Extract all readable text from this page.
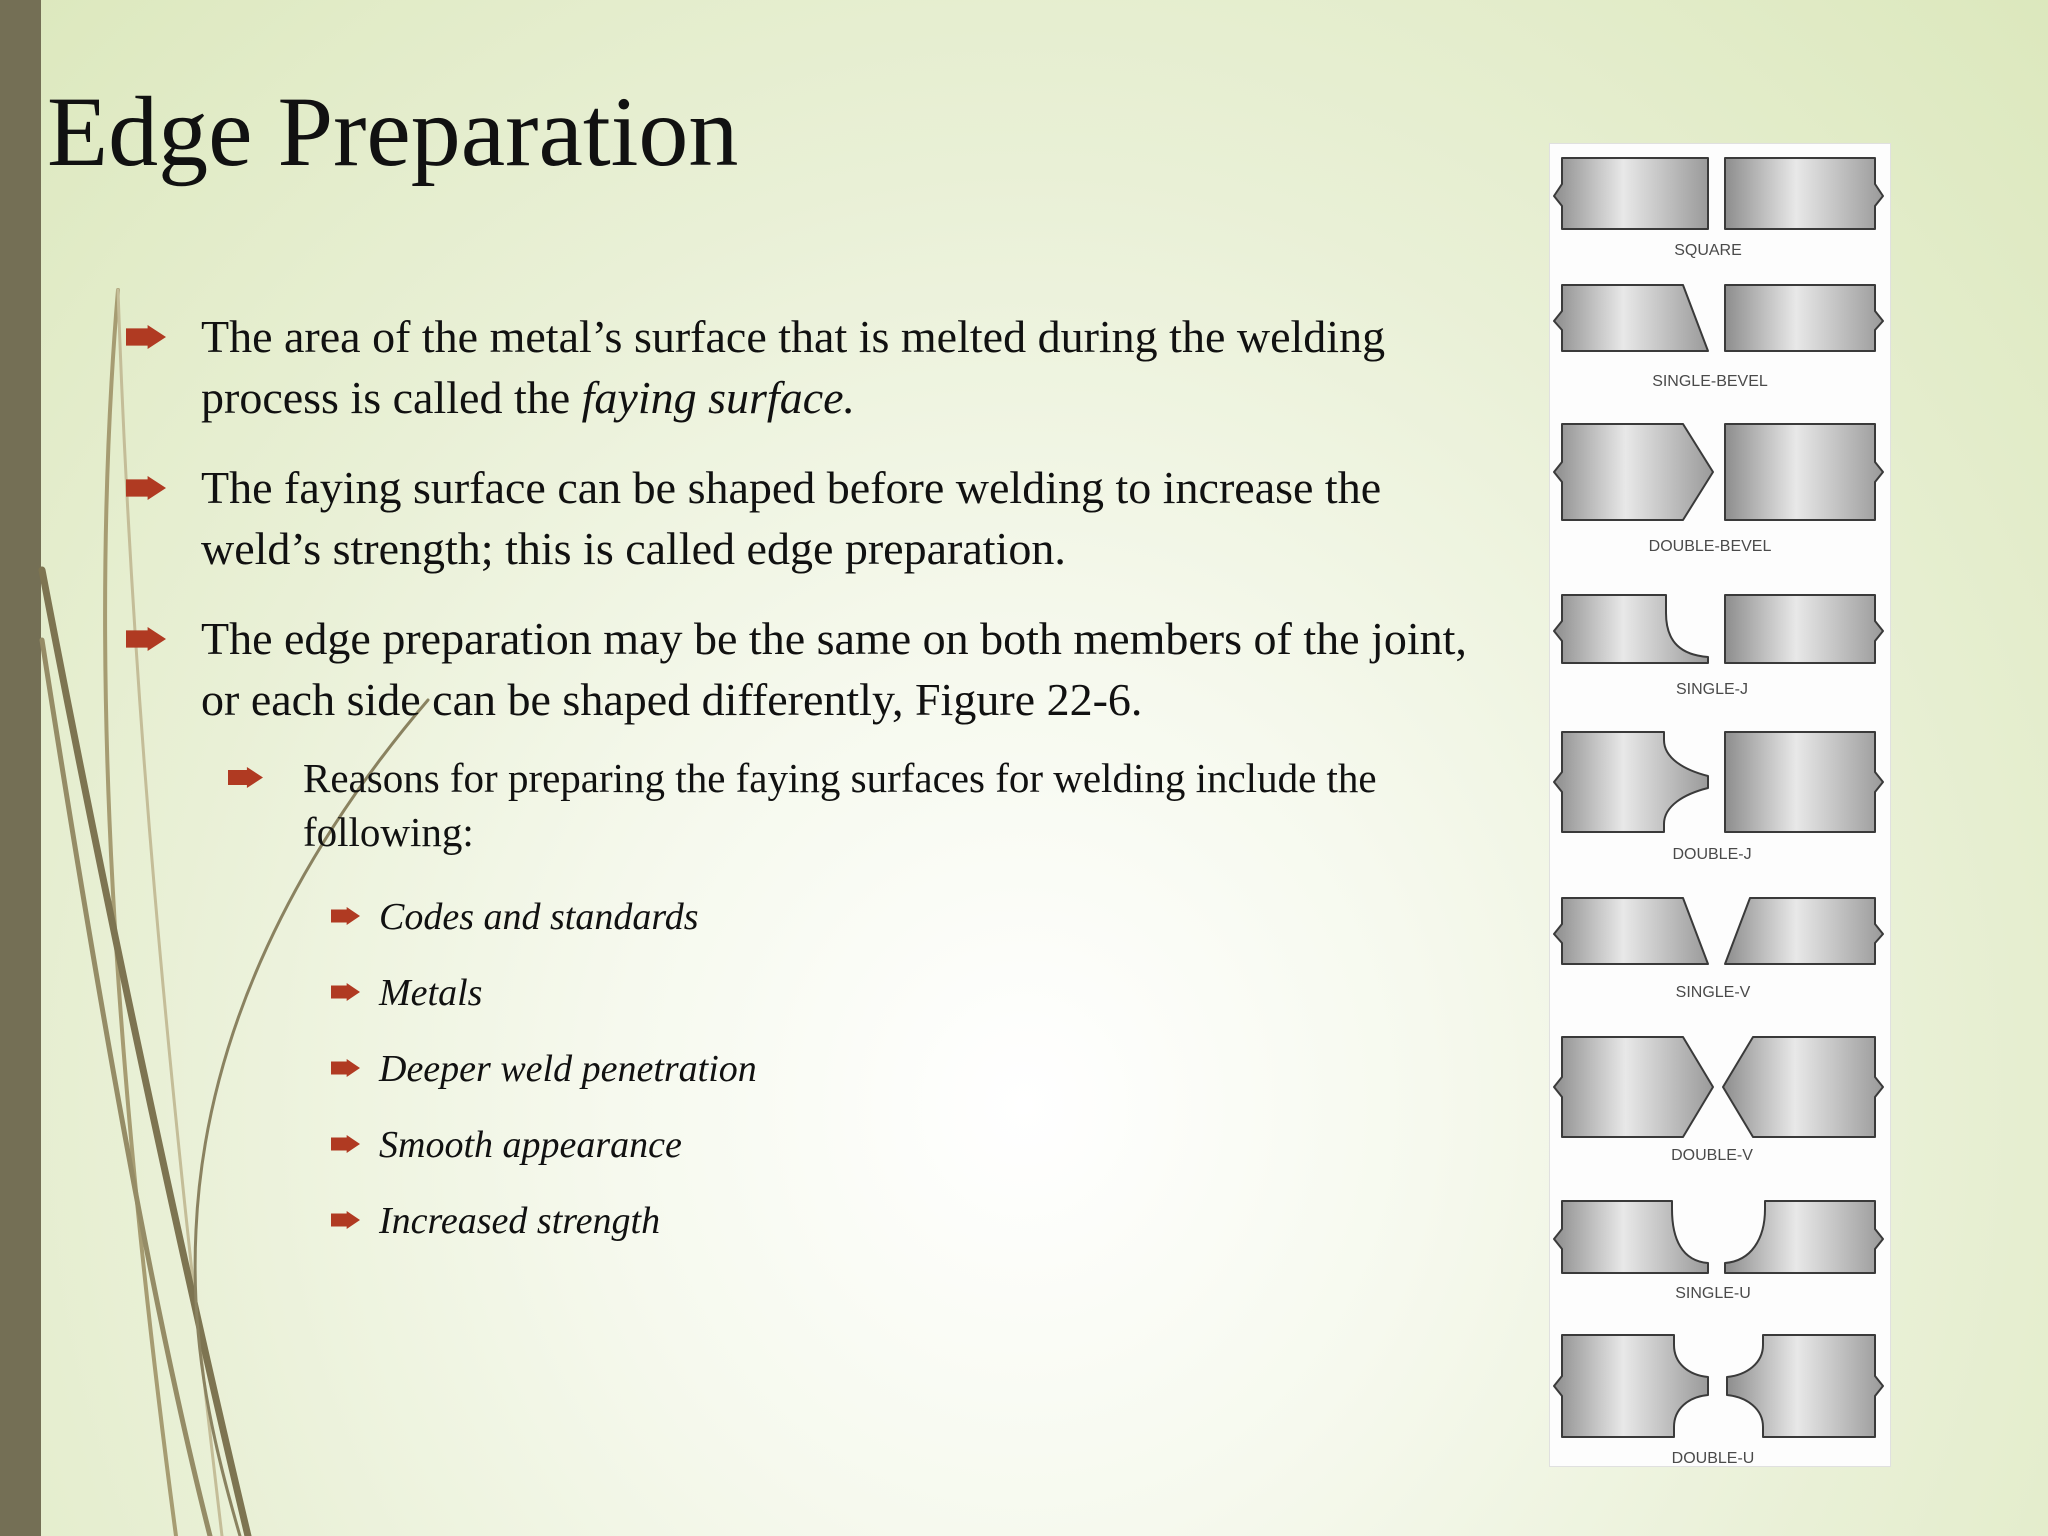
Edge Preparation
The area of the metal’s surface that is melted during the welding process is called the faying surface.
The faying surface can be shaped before welding to increase the weld’s strength; this is called edge preparation.
The edge preparation may be the same on both members of the joint, or each side can be shaped differently, Figure 22-6.
Reasons for preparing the faying surfaces for welding include the following:
Codes and standards
Metals
Deeper weld penetration
Smooth appearance
Increased strength
SQUARE
SINGLE-BEVEL
DOUBLE-BEVEL
SINGLE-J
DOUBLE-J
SINGLE-V
DOUBLE-V
SINGLE-U
DOUBLE-U
